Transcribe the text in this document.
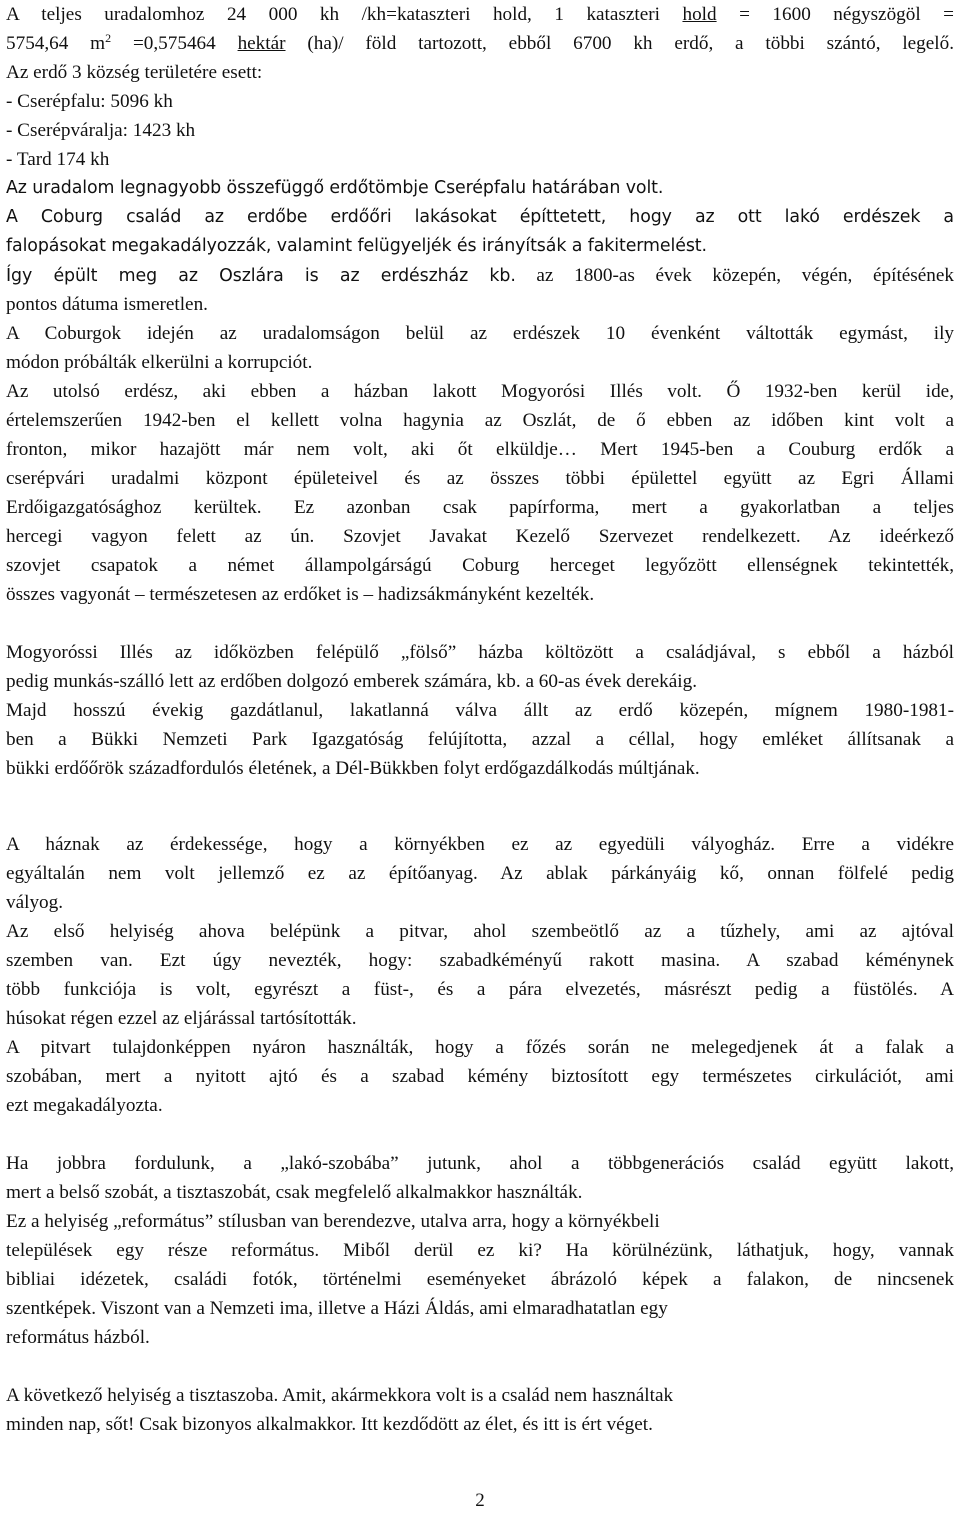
A teljes uradalomhoz 24 000 kh /kh=kataszteri hold, 1 kataszteri hold = 1600 négyszögöl =
5754,64 $m^2 =0,575464$ hektár (ha)/ föld tartozott, ebből 6700 kh erdő, a többi szántó, legelő.
Az erdő 3 község területére esett:
- Cserépfalu: 5096 kh
- Cserépváralja: 1423 kh
- Tard 174 kh
Az uradalom legnagyobb összefüggő erdőtömbje Cserépfalu határában volt.
A Coburg család az erdőbe erdőőri lakásokat építtetett, hogy az ott lakó erdészek a
falopásokat megakadályozzák, valamint felügyeljék és irányítsák a fakitermelést.
Így épült meg az Oszlára is az erdészház kb. az 1800-as évek közepén, végén, építésének
pontos dátuma ismeretlen.
A Coburgok idején az uradalomságon belül az erdészek 10 évenként váltották egymást, ily
módon próbálták elkerülni a korrupciót.
Az utolsó erdész, aki ebben a házban lakott Mogyorósi Illés volt. Ő 1932-ben kerül ide,
értelemszerűen 1942-ben el kellett volna hagynia az Oszlát, de ő ebben az időben kint volt a
fronton, mikor hazajött már nem volt, aki őt elküldje… Mert 1945-ben a Couburg erdők a
cserépvári uradalmi központ épületeivel és az összes többi épülettel együtt az Egri Állami
Erdőigazgatósághoz kerültek. Ez azonban csak papírforma, mert a gyakorlatban a teljes
hercegi vagyon felett az ún. Szovjet Javakat Kezelő Szervezet rendelkezett. Az ideérkező
szovjet csapatok a német állampolgárságú Coburg herceget legyőzött ellenségnek tekintették,
összes vagyonát – természetesen az erdőket is – hadizsákmányként kezelték.
Mogyoróssi Illés az időközben felépülő „fölső” házba költözött a családjával, s ebből a házból
pedig munkás-szálló lett az erdőben dolgozó emberek számára, kb. a 60-as évek derekáig.
Majd hosszú évekig gazdátlanul, lakatlanná válva állt az erdő közepén, mígnem 1980-1981-
ben a Bükki Nemzeti Park Igazgatóság felújította, azzal a céllal, hogy emléket állítsanak a
bükki erdőőrök századfordulós életének, a Dél-Bükkben folyt erdőgazdálkodás múltjának.
A háznak az érdekessége, hogy a környékben ez az egyedüli vályogház. Erre a vidékre
egyáltalán nem volt jellemző ez az építőanyag. Az ablak párkányáig kő, onnan fölfelé pedig
vályog.
Az első helyiség ahova belépünk a pitvar, ahol szembeötlő az a tűzhely, ami az ajtóval
szemben van. Ezt úgy nevezték, hogy: szabadkéményű rakott masina. A szabad kéménynek
több funkciója is volt, egyrészt a füst-, és a pára elvezetés, másrészt pedig a füstölés. A
húsokat régen ezzel az eljárással tartósították.
A pitvart tulajdonképpen nyáron használták, hogy a főzés során ne melegedjenek át a falak a
szobában, mert a nyitott ajtó és a szabad kémény biztosított egy természetes cirkulációt, ami
ezt megakadályozta.
Ha jobbra fordulunk, a „lakó-szobába” jutunk, ahol a többgenerációs család együtt lakott,
mert a belső szobát, a tisztaszobát, csak megfelelő alkalmakkor használták.
Ez a helyiség „református” stílusban van berendezve, utalva arra, hogy a környékbeli
települések egy része református. Miből derül ez ki? Ha körülnézünk, láthatjuk, hogy, vannak
bibliai idézetek, családi fotók, történelmi eseményeket ábrázoló képek a falakon, de nincsenek
szentképek. Viszont van a Nemzeti ima, illetve a Házi Áldás, ami elmaradhatatlan egy
református házból.
A következő helyiség a tisztaszoba. Amit, akármekkora volt is a család nem használtak
minden nap, sőt! Csak bizonyos alkalmakkor. Itt kezdődött az élet, és itt is ért véget.
2
